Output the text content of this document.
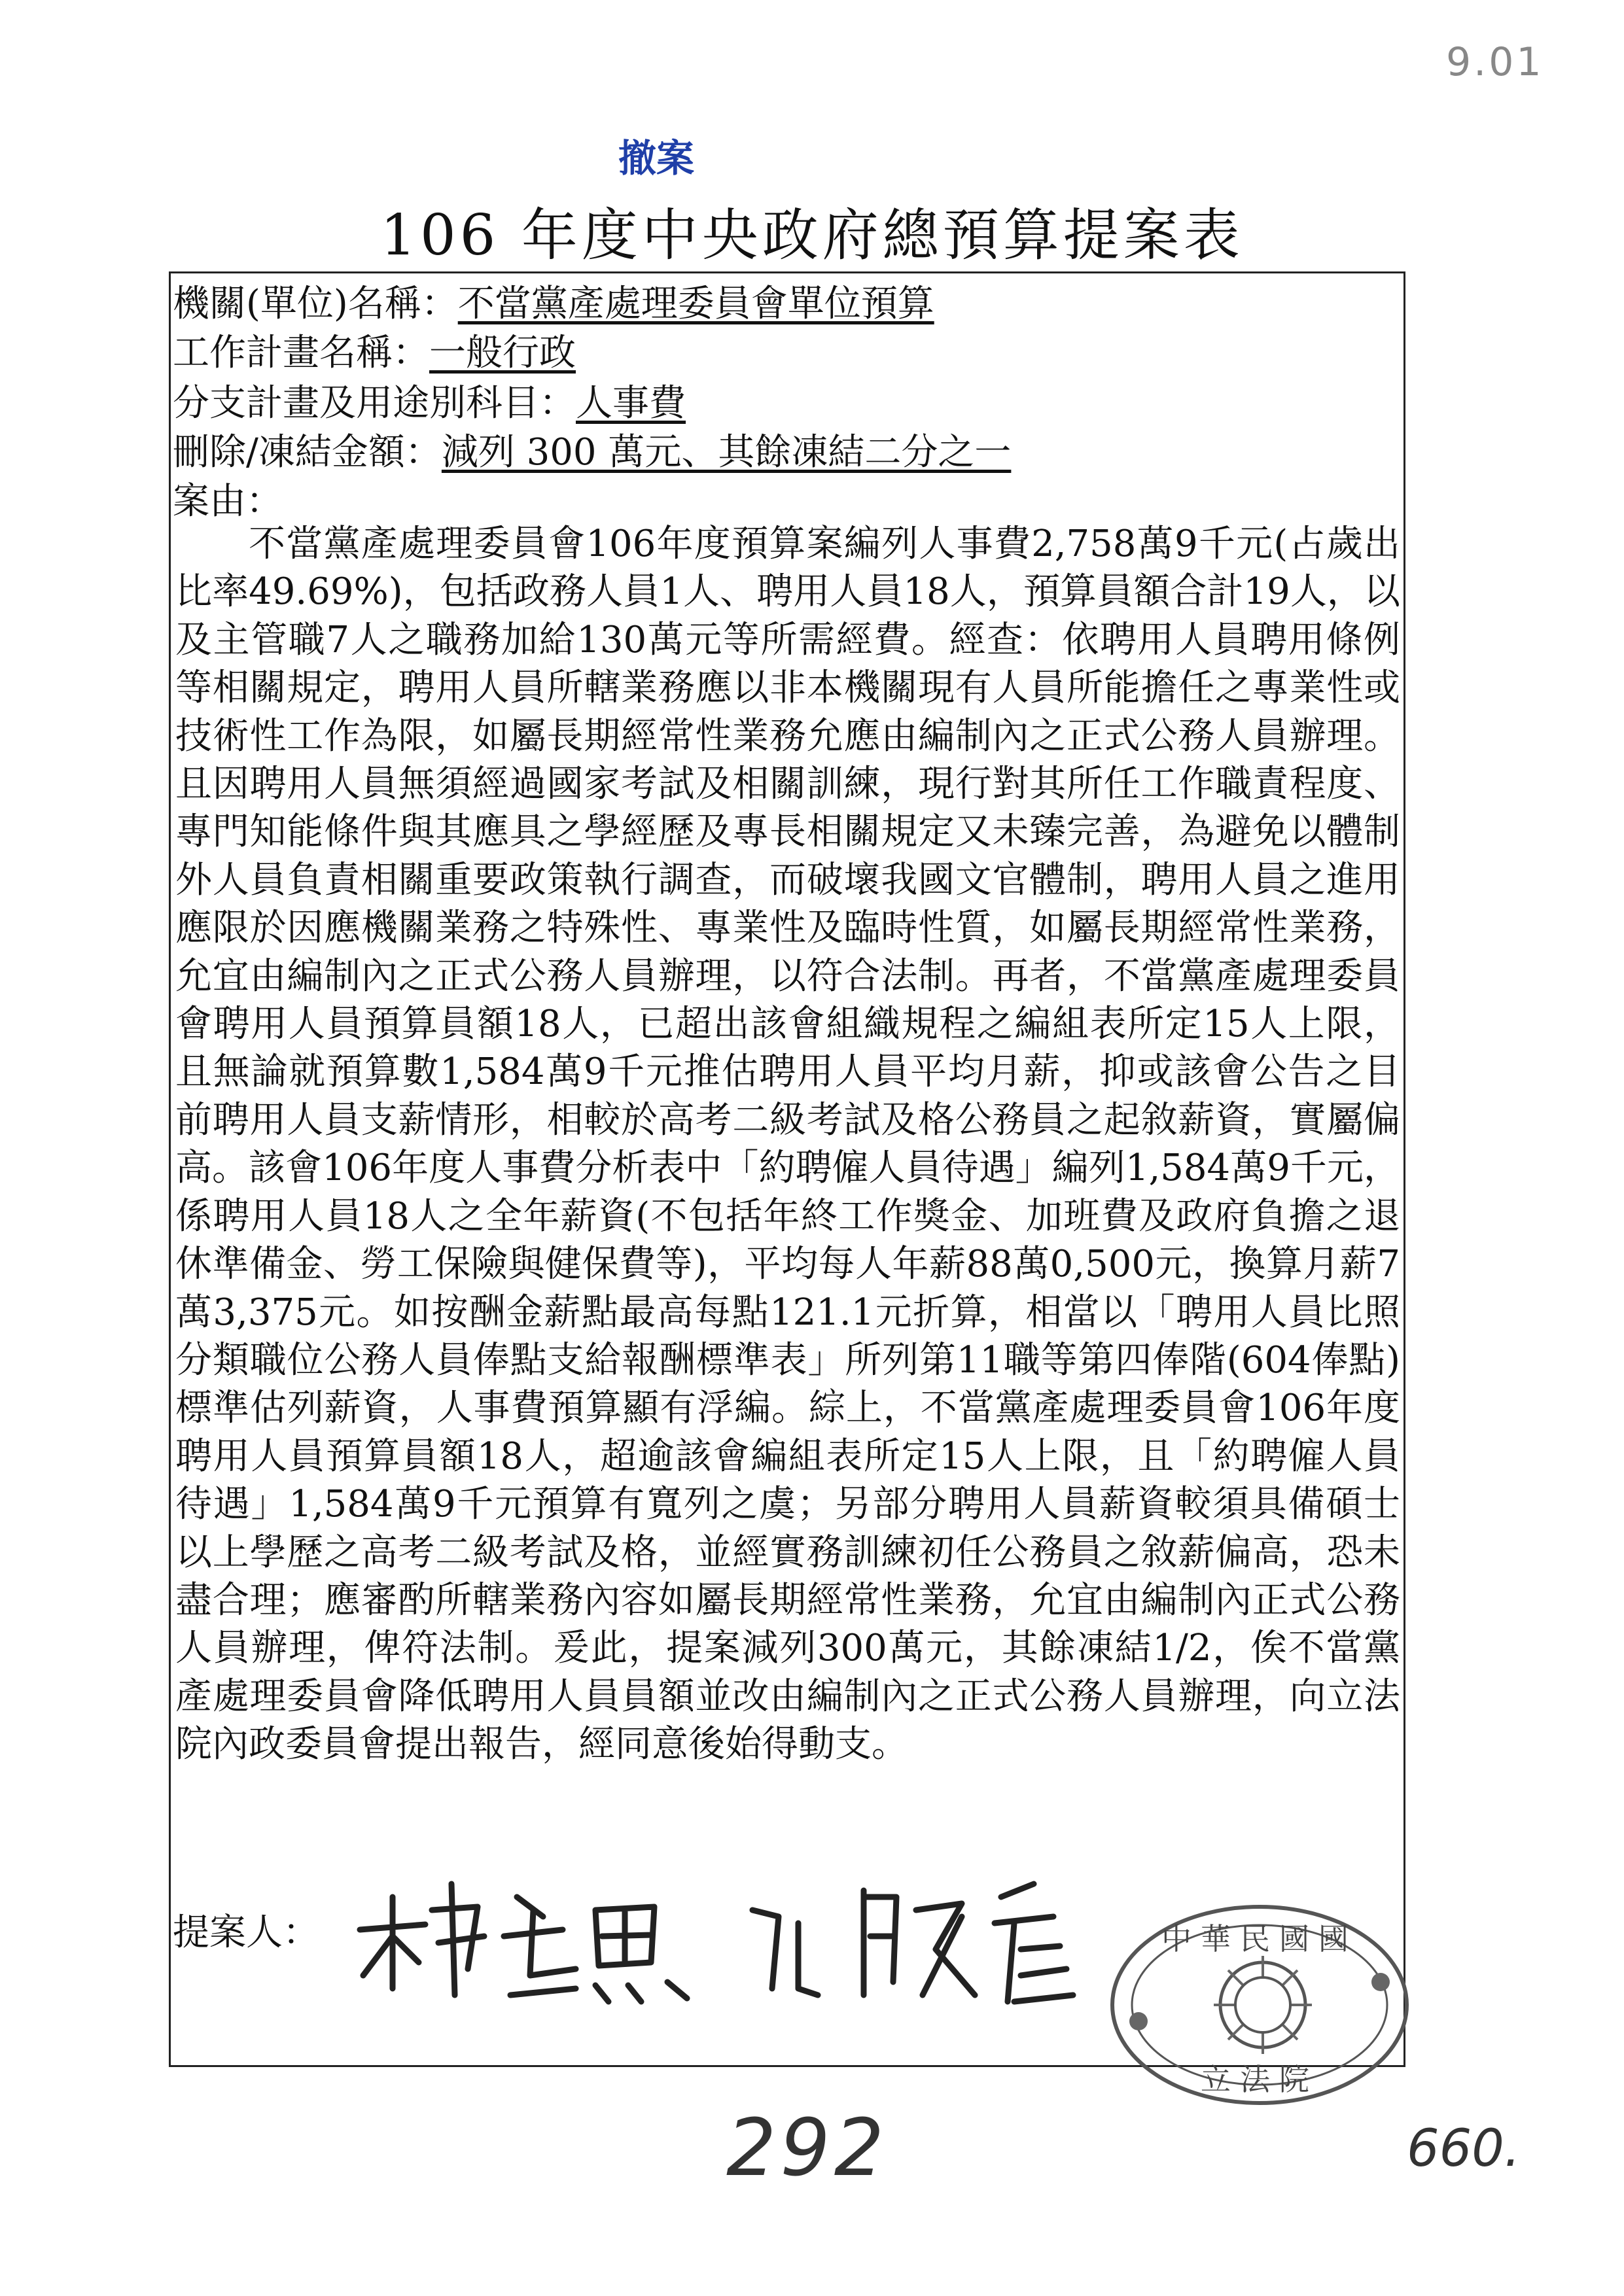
9.01
撤案
106 年度中央政府總預算提案表
機關(單位)名稱：不當黨產處理委員會單位預算
工作計畫名稱：一般行政
分支計畫及用途別科目：人事費
刪除/凍結金額：減列 300 萬元、其餘凍結二分之一
案由：

不當黨產處理委員會106年度預算案編列人事費2,758萬9千元(占歲出比率49.69%)，包括政務人員1人、聘用人員18人，預算員額合計19人，以及主管職7人之職務加給130萬元等所需經費。經查：依聘用人員聘用條例等相關規定，聘用人員所轄業務應以非本機關現有人員所能擔任之專業性或技術性工作為限，如屬長期經常性業務允應由編制內之正式公務人員辦理。且因聘用人員無須經過國家考試及相關訓練，現行對其所任工作職責程度、專門知能條件與其應具之學經歷及專長相關規定又未臻完善，為避免以體制外人員負責相關重要政策執行調查，而破壞我國文官體制，聘用人員之進用應限於因應機關業務之特殊性、專業性及臨時性質，如屬長期經常性業務，允宜由編制內之正式公務人員辦理，以符合法制。再者，不當黨產處理委員會聘用人員預算員額18人，已超出該會組織規程之編組表所定15人上限，且無論就預算數1,584萬9千元推估聘用人員平均月薪，抑或該會公告之目前聘用人員支薪情形，相較於高考二級考試及格公務員之起敘薪資，實屬偏高。該會106年度人事費分析表中「約聘僱人員待遇」編列1,584萬9千元，係聘用人員18人之全年薪資(不包括年終工作獎金、加班費及政府負擔之退休準備金、勞工保險與健保費等)，平均每人年薪88萬0,500元，換算月薪7萬3,375元。如按酬金薪點最高每點121.1元折算，相當以「聘用人員比照分類職位公務人員俸點支給報酬標準表」所列第11職等第四俸階(604俸點)標準估列薪資，人事費預算顯有浮編。綜上，不當黨產處理委員會106年度聘用人員預算員額18人，超逾該會編組表所定15人上限，且「約聘僱人員待遇」1,584萬9千元預算有寬列之虞；另部分聘用人員薪資較須具備碩士以上學歷之高考二級考試及格，並經實務訓練初任公務員之敘薪偏高，恐未盡合理；應審酌所轄業務內容如屬長期經常性業務，允宜由編制內正式公務人員辦理，俾符法制。爰此，提案減列300萬元，其餘凍結1/2，俟不當黨產處理委員會降低聘用人員員額並改由編制內之正式公務人員辦理，向立法院內政委員會提出報告，經同意後始得動支。

提案人：	中華民國國
立法院
292	660.
